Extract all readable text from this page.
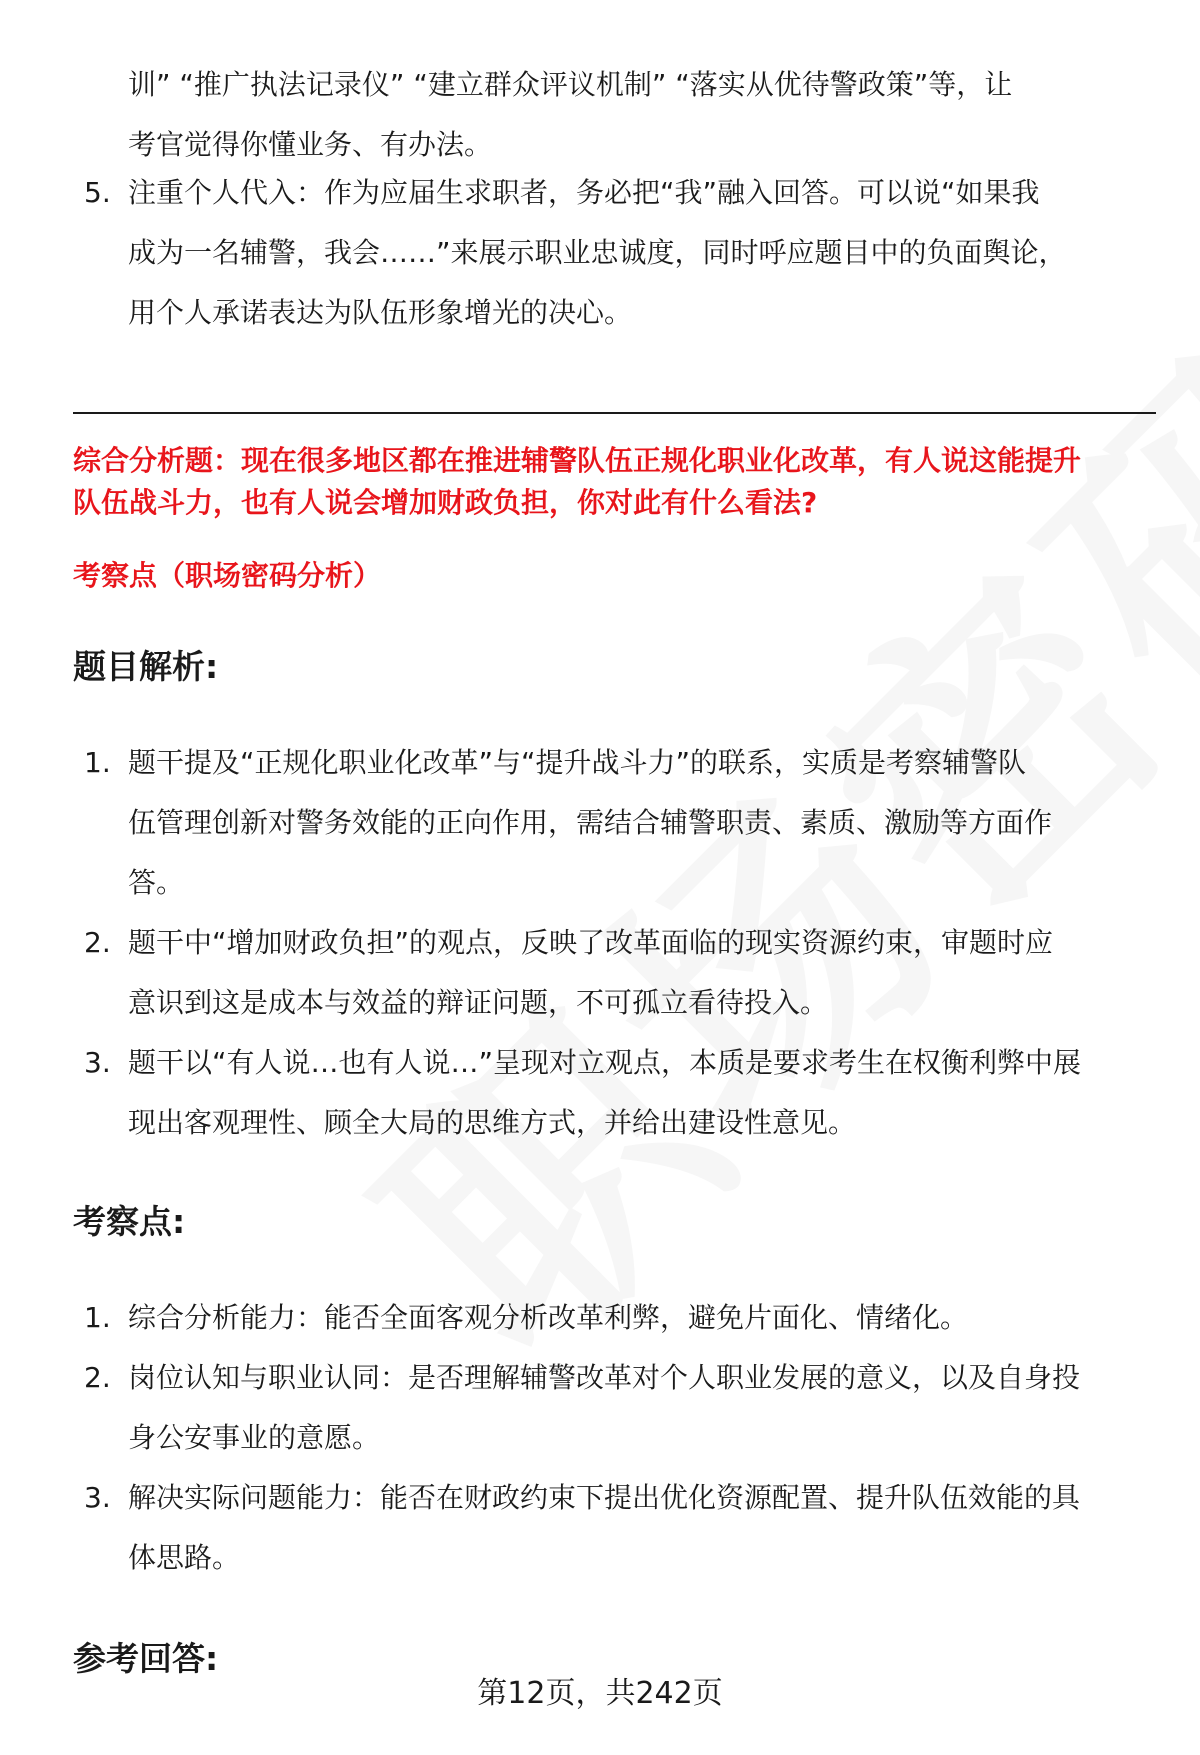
训” “推广执法记录仪” “建立群众评议机制” “落实从优待警政策”等，让
考官觉得你懂业务、有办法。
5. 注重个人代入：作为应届生求职者，务必把“我”融入回答。可以说“如果我
成为一名辅警，我会……”来展示职业忠诚度，同时呼应题目中的负面舆论，
用个人承诺表达为队伍形象增光的决心。
综合分析题：现在很多地区都在推进辅警队伍正规化职业化改革，有人说这能提升
队伍战斗力，也有人说会增加财政负担，你对此有什么看法?
考察点（职场密码分析）
题目解析:
1. 题干提及“正规化职业化改革”与“提升战斗力”的联系，实质是考察辅警队
伍管理创新对警务效能的正向作用，需结合辅警职责、素质、激励等方面作
答。
2. 题干中“增加财政负担”的观点，反映了改革面临的现实资源约束，审题时应
意识到这是成本与效益的辩证问题，不可孤立看待投入。
3. 题干以“有人说…也有人说…”呈现对立观点，本质是要求考生在权衡利弊中展
现出客观理性、顾全大局的思维方式，并给出建设性意见。
考察点:
1. 综合分析能力：能否全面客观分析改革利弊，避免片面化、情绪化。
2. 岗位认知与职业认同：是否理解辅警改革对个人职业发展的意义，以及自身投
身公安事业的意愿。
3. 解决实际问题能力：能否在财政约束下提出优化资源配置、提升队伍效能的具
体思路。
参考回答:
第12页，共242页
